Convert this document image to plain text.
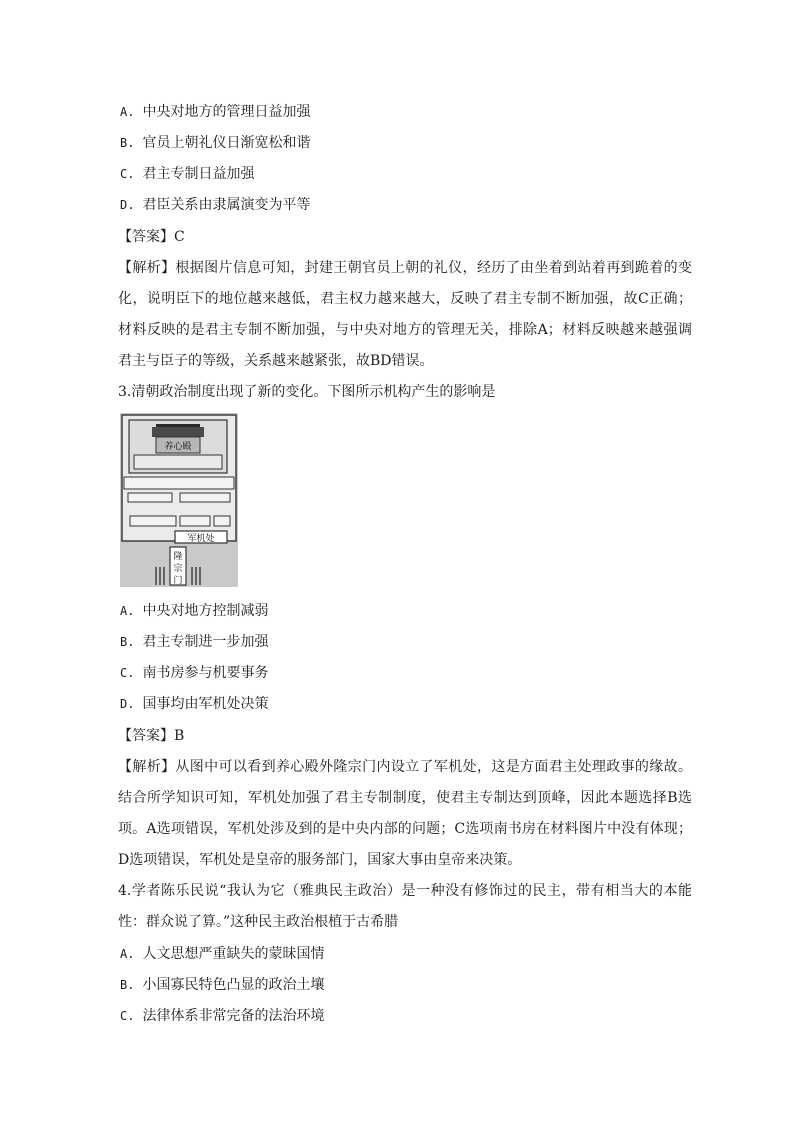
A. 中央对地方的管理日益加强
B. 官员上朝礼仪日渐宽松和谐
C. 君主专制日益加强
D. 君臣关系由隶属演变为平等
【答案】C
【解析】根据图片信息可知，封建王朝官员上朝的礼仪，经历了由坐着到站着再到跪着的变
化，说明臣下的地位越来越低，君主权力越来越大，反映了君主专制不断加强，故C正确；
材料反映的是君主专制不断加强，与中央对地方的管理无关，排除A；材料反映越来越强调
君主与臣子的等级，关系越来越紧张，故BD错误。
3.清朝政治制度出现了新的变化。下图所示机构产生的影响是
养心殿
军机处
隆
宗
门
A. 中央对地方控制减弱
B. 君主专制进一步加强
C. 南书房参与机要事务
D. 国事均由军机处决策
【答案】B
【解析】从图中可以看到养心殿外隆宗门内设立了军机处，这是方面君主处理政事的缘故。
结合所学知识可知，军机处加强了君主专制制度，使君主专制达到顶峰，因此本题选择B选
项。A选项错误，军机处涉及到的是中央内部的问题；C选项南书房在材料图片中没有体现；
D选项错误，军机处是皇帝的服务部门，国家大事由皇帝来决策。
4.学者陈乐民说“我认为它（雅典民主政治）是一种没有修饰过的民主，带有相当大的本能
性：群众说了算。”这种民主政治根植于古希腊
A. 人文思想严重缺失的蒙昧国情
B. 小国寡民特色凸显的政治土壤
C. 法律体系非常完备的法治环境
